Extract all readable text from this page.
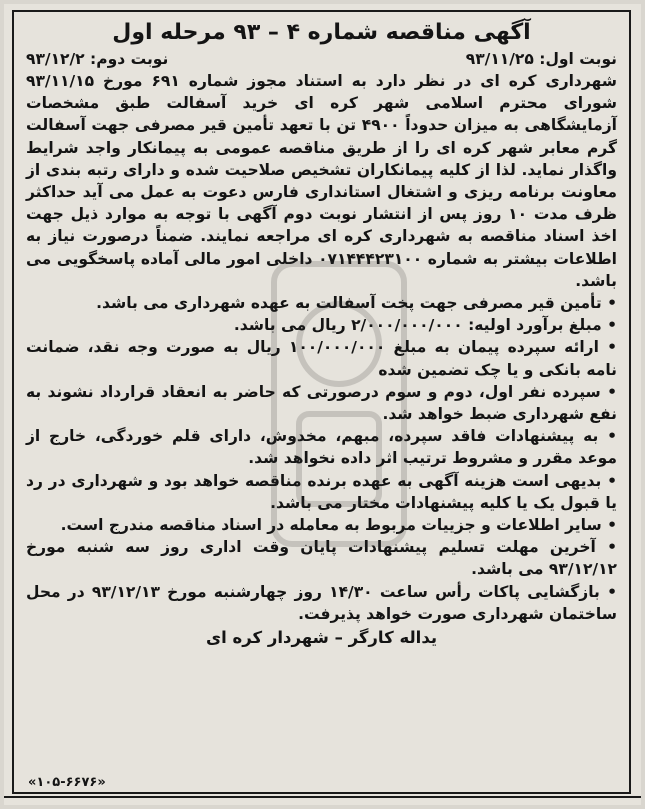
آگهی مناقصه شماره ۴ – ۹۳ مرحله اول
نوبت اول: ۹۳/۱۱/۲۵
نوبت دوم: ۹۳/۱۲/۲

شهرداری کره ای در نظر دارد به استناد مجوز شماره ۶۹۱ مورخ ۹۳/۱۱/۱۵ شورای محترم اسلامی شهر کره ای خرید آسفالت طبق مشخصات آزمایشگاهی به میزان حدوداً ۴۹۰۰ تن با تعهد تأمین قیر مصرفی جهت آسفالت گرم معابر شهر کره ای را از طریق مناقصه عمومی به پیمانکار واجد شرایط واگذار نماید. لذا از کلیه پیمانکاران تشخیص صلاحیت شده و دارای رتبه بندی از معاونت برنامه ریزی و اشتغال استانداری فارس دعوت به عمل می آید حداکثر ظرف مدت ۱۰ روز پس از انتشار نوبت دوم آگهی با توجه به موارد ذیل جهت اخذ اسناد مناقصه به شهرداری کره ای مراجعه نمایند. ضمناً درصورت نیاز به اطلاعات بیشتر به شماره ۰۷۱۴۴۴۲۳۱۰۰ داخلی امور مالی آماده پاسخگویی می باشد.

• تأمین قیر مصرفی جهت پخت آسفالت به عهده شهرداری می باشد.
• مبلغ برآورد اولیه: ۲/۰۰۰/۰۰۰/۰۰۰ ریال می باشد.
• ارائه سپرده پیمان به مبلغ ۱۰۰/۰۰۰/۰۰۰ ریال به صورت وجه نقد، ضمانت نامه بانکی و یا چک تضمین شده
• سپرده نفر اول، دوم و سوم درصورتی که حاضر به انعقاد قرارداد نشوند به نفع شهرداری ضبط خواهد شد.
• به پیشنهادات فاقد سپرده، مبهم، مخدوش، دارای قلم خوردگی، خارج از موعد مقرر و مشروط ترتیب اثر داده نخواهد شد.
• بدیهی است هزینه آگهی به عهده برنده مناقصه خواهد بود و شهرداری در رد یا قبول یک یا کلیه پیشنهادات مختار می باشد.
• سایر اطلاعات و جزییات مربوط به معامله در اسناد مناقصه مندرج است.
• آخرین مهلت تسلیم پیشنهادات پایان وقت اداری روز سه شنبه مورخ ۹۳/۱۲/۱۲ می باشد.
• بازگشایی پاکات رأس ساعت ۱۴/۳۰ روز چهارشنبه مورخ ۹۳/۱۲/۱۳ در محل ساختمان شهرداری صورت خواهد پذیرفت.
یداله کارگر – شهردار کره ای
«۱۰۵-۶۶۷۶»
